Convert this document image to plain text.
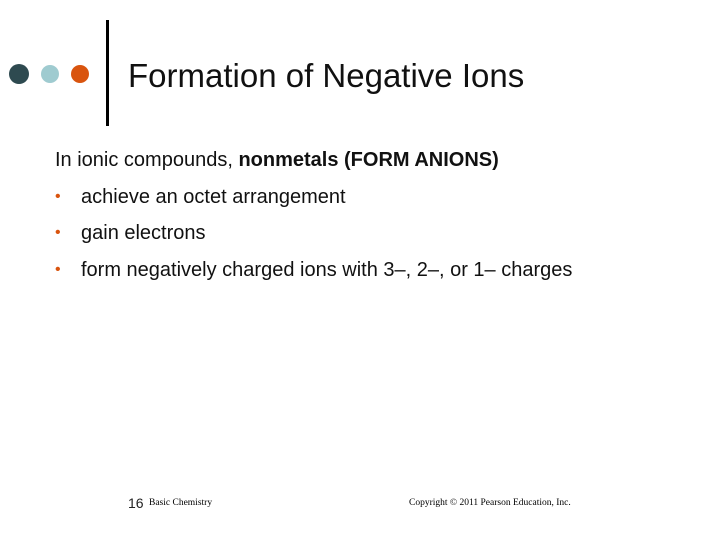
Formation of Negative Ions
In ionic compounds, nonmetals (FORM ANIONS)
• achieve an octet arrangement
• gain electrons
• form negatively charged ions with 3–, 2–, or 1– charges
16 Basic Chemistry	Copyright © 2011 Pearson Education, Inc.
